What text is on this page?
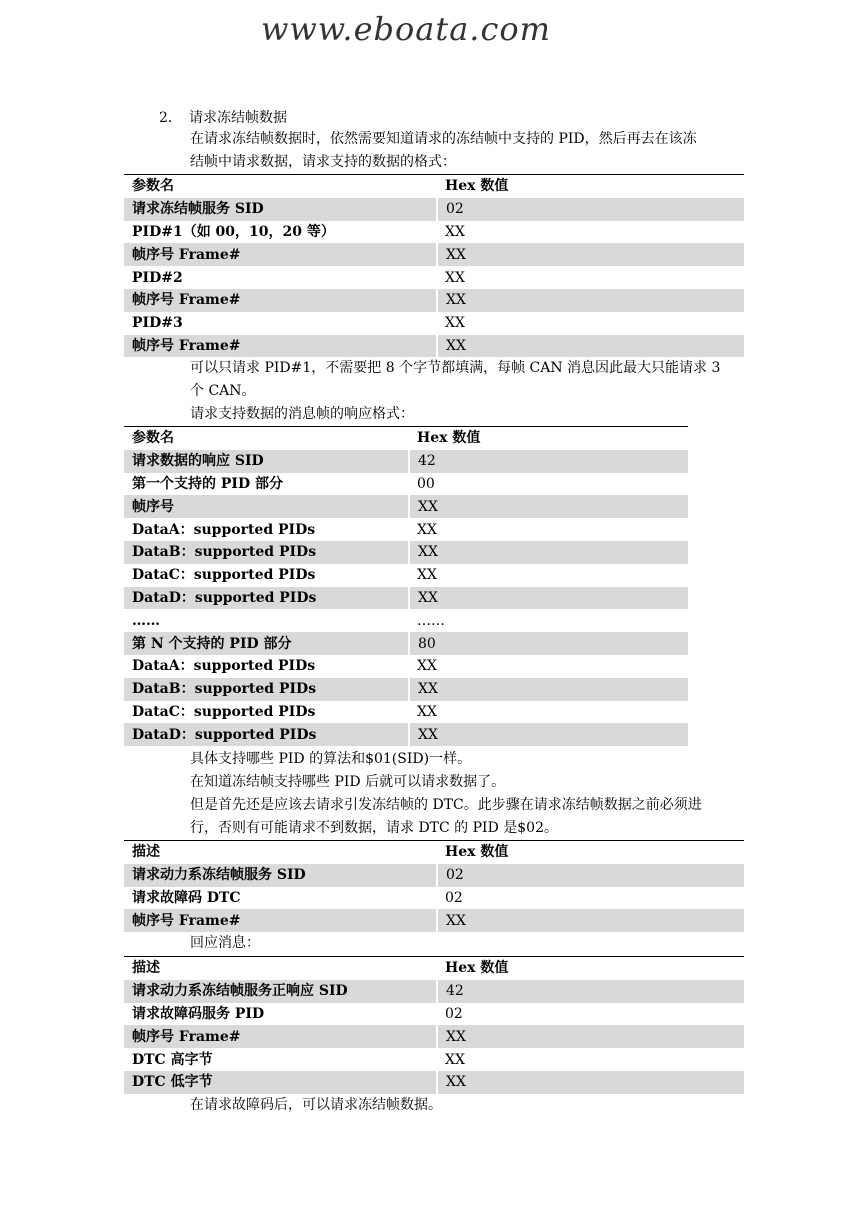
www.eboata.com
2. 请求冻结帧数据
在请求冻结帧数据时，依然需要知道请求的冻结帧中支持的 PID，然后再去在该冻
结帧中请求数据，请求支持的数据的格式：
参数名	Hex 数值
请求冻结帧服务 SID	02
PID#1（如 00，10，20 等）	XX
帧序号 Frame#	XX
PID#2	XX
帧序号 Frame#	XX
PID#3	XX
帧序号 Frame#	XX
可以只请求 PID#1，不需要把 8 个字节都填满，每帧 CAN 消息因此最大只能请求 3
个 CAN。
请求支持数据的消息帧的响应格式：
参数名	Hex 数值
请求数据的响应 SID	42
第一个支持的 PID 部分	00
帧序号	XX
DataA：supported PIDs	XX
DataB：supported PIDs	XX
DataC：supported PIDs	XX
DataD：supported PIDs	XX
……	……
第 N 个支持的 PID 部分	80
DataA：supported PIDs	XX
DataB：supported PIDs	XX
DataC：supported PIDs	XX
DataD：supported PIDs	XX
具体支持哪些 PID 的算法和$01(SID)一样。
在知道冻结帧支持哪些 PID 后就可以请求数据了。
但是首先还是应该去请求引发冻结帧的 DTC。此步骤在请求冻结帧数据之前必须进
行，否则有可能请求不到数据，请求 DTC 的 PID 是$02。
描述	Hex 数值
请求动力系冻结帧服务 SID	02
请求故障码 DTC	02
帧序号 Frame#	XX
回应消息：
描述	Hex 数值
请求动力系冻结帧服务正响应 SID	42
请求故障码服务 PID	02
帧序号 Frame#	XX
DTC 高字节	XX
DTC 低字节	XX
在请求故障码后，可以请求冻结帧数据。
